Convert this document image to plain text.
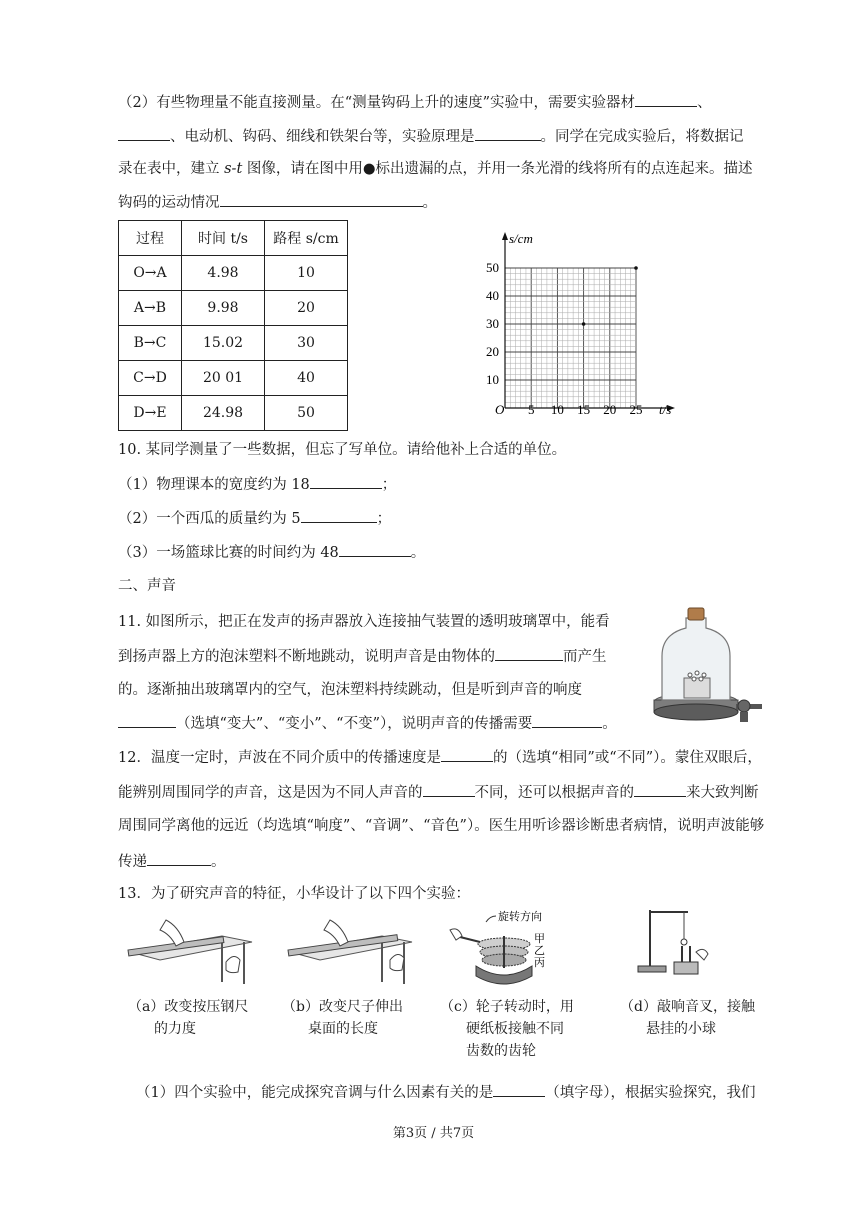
（2）有些物理量不能直接测量。在“测量钩码上升的速度”实验中，需要实验器材	、
、电动机、钩码、细线和铁架台等，实验原理是	。同学在完成实验后，将数据记
录在表中，建立 s-t 图像，请在图中用●标出遗漏的点，并用一条光滑的线将所有的点连起来。描述
钩码的运动情况	。
过程	时间 t/s	路程 s/cm
O→A	4.98	10
A→B	9.98	20
B→C	15.02	30
C→D	20 01	40
D→E	24.98	50
s/cm
t/s
O
10
20
30
40
50
5 10 15 20 25
10. 某同学测量了一些数据，但忘了写单位。请给他补上合适的单位。
（1）物理课本的宽度约为 18	；
（2）一个西瓜的质量约为 5	；
（3）一场篮球比赛的时间约为 48	。
二、声音
11. 如图所示，把正在发声的扬声器放入连接抽气装置的透明玻璃罩中，能看
到扬声器上方的泡沫塑料不断地跳动，说明声音是由物体的	而产生
的。逐渐抽出玻璃罩内的空气，泡沫塑料持续跳动，但是听到声音的响度
（选填“变大”、“变小”、“不变”），说明声音的传播需要	。
12．温度一定时，声波在不同介质中的传播速度是	的（选填“相同”或“不同”）。蒙住双眼后，
能辨别周围同学的声音，这是因为不同人声音的	不同，还可以根据声音的	来大致判断
周围同学离他的远近（均选填“响度”、“音调”、“音色”）。医生用听诊器诊断患者病情，说明声波能够
传递	。
13．为了研究声音的特征，小华设计了以下四个实验：
旋转方向
甲
乙
丙
（a）改变按压钢尺
的力度
（b）改变尺子伸出
桌面的长度
（c）轮子转动时，用
硬纸板接触不同
齿数的齿轮
（d）敲响音叉，接触
悬挂的小球
（1）四个实验中，能完成探究音调与什么因素有关的是	（填字母），根据实验探究，我们
第3页 / 共7页
